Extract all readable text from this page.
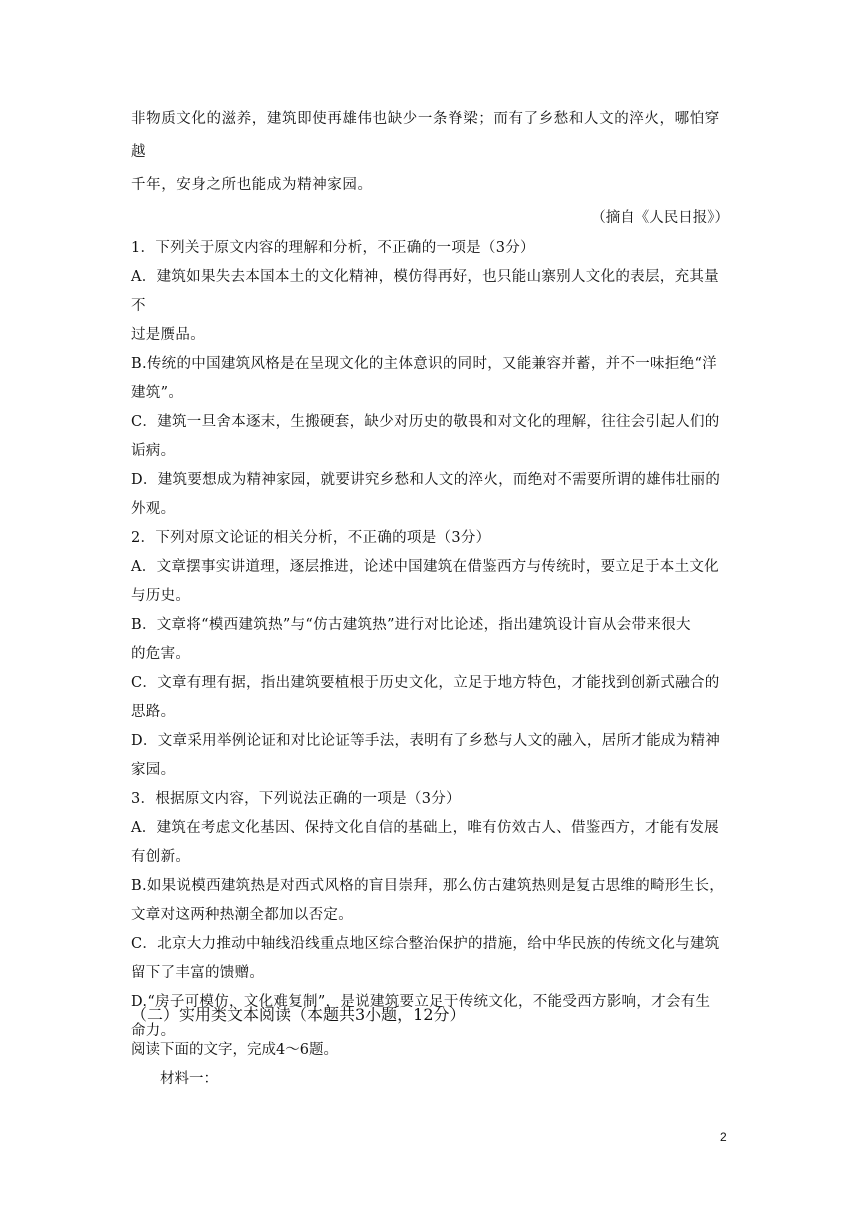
非物质文化的滋养，建筑即使再雄伟也缺少一条脊梁；而有了乡愁和人文的淬火，哪怕穿越

千年，安身之所也能成为精神家园。

（摘自《人民日报》）

1．下列关于原文内容的理解和分析，不正确的一项是（3分）

A．建筑如果失去本国本土的文化精神，模仿得再好，也只能山寨别人文化的表层，充其量不

过是赝品。

B.传统的中国建筑风格是在呈现文化的主体意识的同时，又能兼容并蓄，并不一味拒绝“洋

建筑”。

C．建筑一旦舍本逐末，生搬硬套，缺少对历史的敬畏和对文化的理解，往往会引起人们的

诟病。

D．建筑要想成为精神家园，就要讲究乡愁和人文的淬火，而绝对不需要所谓的雄伟壮丽的

外观。

2．下列对原文论证的相关分析，不正确的项是（3分）

A．文章摆事实讲道理，逐层推进，论述中国建筑在借鉴西方与传统时，要立足于本土文化

与历史。

B．文章将“模西建筑热”与“仿古建筑热”进行对比论述，指出建筑设计盲从会带来很大

的危害。

C．文章有理有据，指出建筑要植根于历史文化，立足于地方特色，才能找到创新式融合的

思路。

D．文章采用举例论证和对比论证等手法，表明有了乡愁与人文的融入，居所才能成为精神

家园。

3．根据原文内容，下列说法正确的一项是（3分）

A．建筑在考虑文化基因、保持文化自信的基础上，唯有仿效古人、借鉴西方，才能有发展

有创新。

B.如果说模西建筑热是对西式风格的盲目崇拜，那么仿古建筑热则是复古思维的畸形生长，

文章对这两种热潮全都加以否定。

C．北京大力推动中轴线沿线重点地区综合整治保护的措施，给中华民族的传统文化与建筑

留下了丰富的馈赠。

D.“房子可模仿，文化难复制”，是说建筑要立足于传统文化，不能受西方影响，才会有生

命力。

（二）实用类文本阅读（本题共3小题，12分）

阅读下面的文字，完成4～6题。

材料一：

2
